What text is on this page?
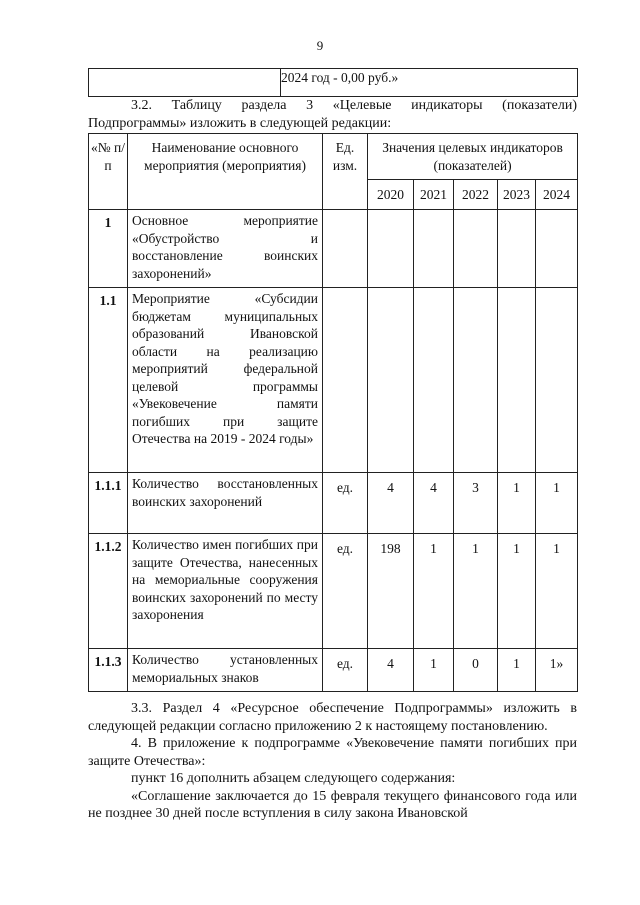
9
	2024 год - 0,00 руб.»

3.2. Таблицу раздела 3 «Целевые индикаторы (показатели) Подпрограммы» изложить в следующей редакции:

«№ п/п	Наименование основного мероприятия (мероприятия)	Ед. изм.	Значения целевых индикаторов (показателей)				
			2020	2021	2022	2023	2024
1	Основное мероприятие «Обустройство и восстановление воинских захоронений»						
1.1	Мероприятие «Субсидии бюджетам муниципальных образований Ивановской области на реализацию мероприятий федеральной целевой программы «Увековечение памяти погибших при защите Отечества на 2019 - 2024 годы»						
1.1.1	Количество восстановленных воинских захоронений	ед.	4	4	3	1	1
1.1.2	Количество имен погибших при защите Отечества, нанесенных на мемориальные сооружения воинских захоронений по месту захоронения	ед.	198	1	1	1	1
1.1.3	Количество установленных мемориальных знаков	ед.	4	1	0	1	1»

3.3. Раздел 4 «Ресурсное обеспечение Подпрограммы» изложить в следующей редакции согласно приложению 2 к настоящему постановлению.

4. В приложение к подпрограмме «Увековечение памяти погибших при защите Отечества»:

пункт 16 дополнить абзацем следующего содержания:

«Соглашение заключается до 15 февраля текущего финансового года или не позднее 30 дней после вступления в силу закона Ивановской
